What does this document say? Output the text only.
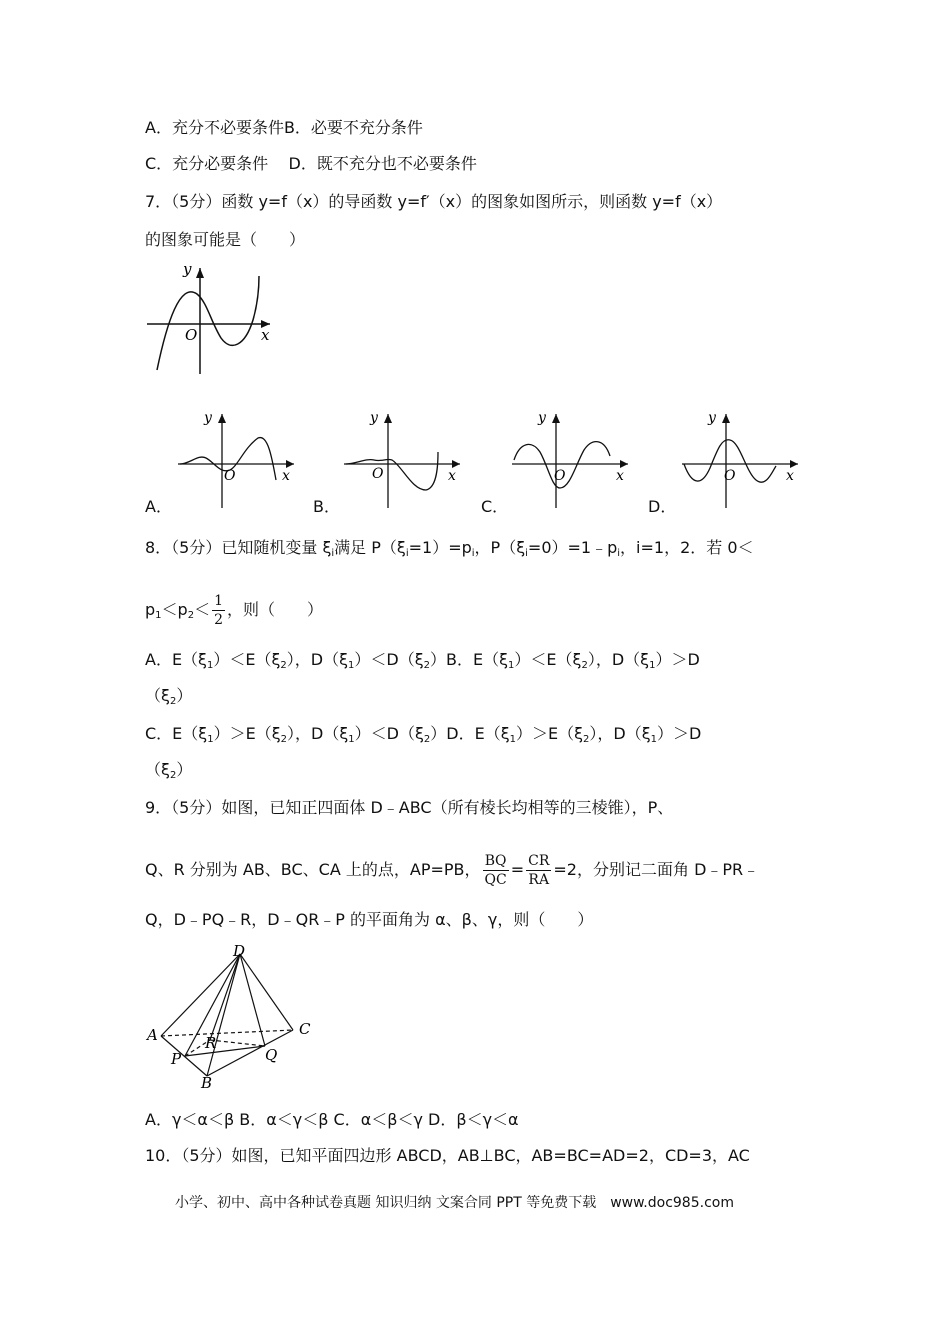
A．充分不必要条件B．必要不充分条件
C．充分必要条件 D．既不充分也不必要条件
7．（5分）函数 y=f（x）的导函数 y=f′（x）的图象如图所示，则函数 y=f（x）
的图象可能是（　　）
y
x
O
A．
y
x
O
B．
y
x
O
C．
y
x
O
D．
y
x
O
8．（5分）已知随机变量 $\xi_i$满足 $P(\xi_i=1)=p_i$，$P(\xi_i=0)=1﹣p_i$，i=1，2．若 0＜
$p_1<p_2< \frac{1}{2}$ ，则（　　）
A．$E(\xi_1)<E(\xi_2)$，$D(\xi_1)<D(\xi_2)B$．$E(\xi_1)<E(\xi_2)$，$D(\xi_1)>D$
$(\xi_2)$
C．$E(\xi_1)>E(\xi_2)$，$D(\xi_1)<D(\xi_2)D$．$E(\xi_1)>E(\xi_2)$，$D(\xi_1)>D$
$(\xi_2)$
9．（5分）如图，已知正四面体 D﹣ABC（所有棱长均相等的三棱锥），P、
Q、R 分别为 AB、BC、CA 上的点，AP=PB， $\frac{BQ}{QC} = \frac{CR}{RA} =2$，分别记二面角 D﹣PR﹣
Q，D﹣PQ﹣R，D﹣QR﹣P 的平面角为 α、β、γ，则（　　）
D
A	C
R
P	Q
B
A．γ＜α＜β B．α＜γ＜β C．α＜β＜γ D．β＜γ＜α
10．（5分）如图，已知平面四边形 ABCD，AB⊥BC，AB=BC=AD=2，CD=3，AC
小学、初中、高中各种试卷真题 知识归纳 文案合同 PPT 等免费下载　www.doc985.com
